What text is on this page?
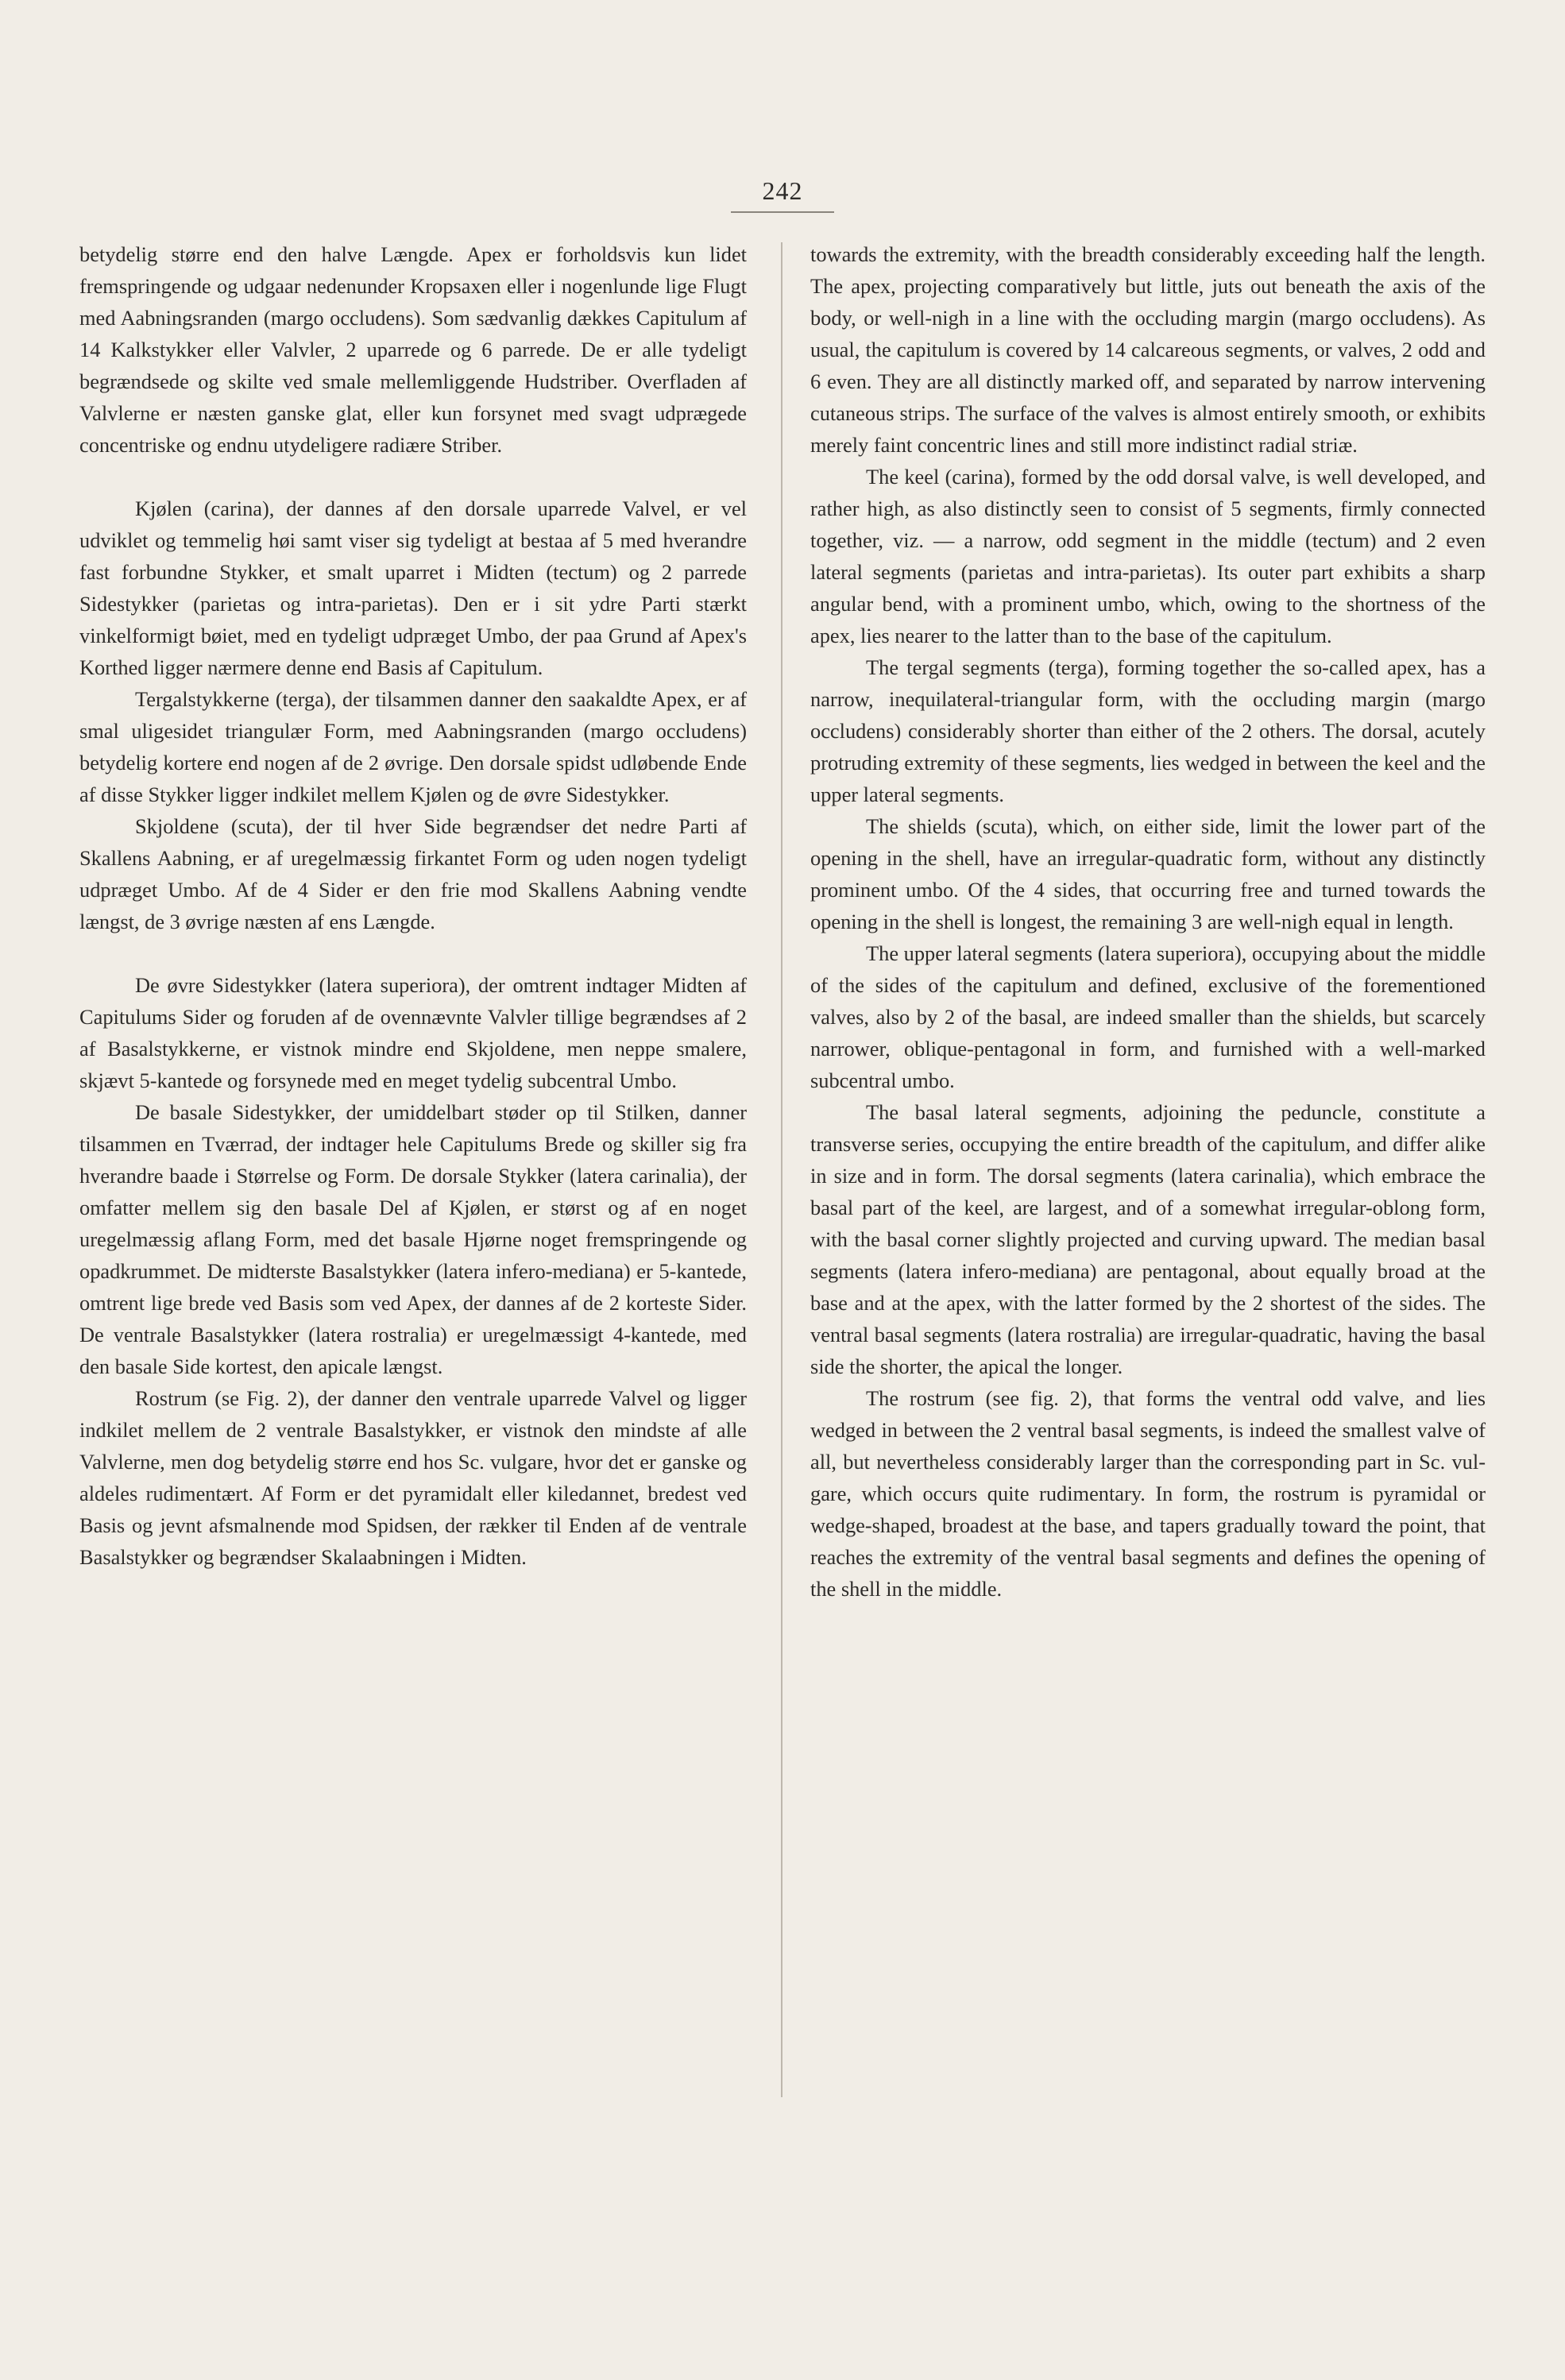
242

betydelig større end den halve Længde. Apex er forholdsvis kun lidet fremspringende og udgaar nedenunder Kropsaxen eller i nogenlunde lige Flugt med Aabningsranden (margo occludens). Som sædvanlig dækkes Capitulum af 14 Kalkstykker eller Valvler, 2 uparrede og 6 parrede. De er alle tydeligt begrændsede og skilte ved smale mellemliggende Hudstriber. Overfladen af Valvlerne er næsten ganske glat, eller kun forsynet med svagt udprægede concentriske og endnu utydeligere radiære Striber.

Kjølen (carina), der dannes af den dorsale uparrede Valvel, er vel udviklet og temmelig høi samt viser sig tydeligt at bestaa af 5 med hverandre fast forbundne Stykker, et smalt uparret i Midten (tectum) og 2 parrede Sidestykker (parietas og intra-parietas). Den er i sit ydre Parti stærkt vinkelformigt bøiet, med en tydeligt udpræget Umbo, der paa Grund af Apex's Korthed ligger nærmere denne end Basis af Capitulum.

Tergalstykkerne (terga), der tilsammen danner den saakaldte Apex, er af smal uligesidet triangulær Form, med Aabningsranden (margo occludens) betydelig kortere end nogen af de 2 øvrige. Den dorsale spidst udløbende Ende af disse Stykker ligger indkilet mellem Kjølen og de øvre Sidestykker.

Skjoldene (scuta), der til hver Side begrændser det nedre Parti af Skallens Aabning, er af uregelmæssig firkantet Form og uden nogen tydeligt udpræget Umbo. Af de 4 Sider er den frie mod Skallens Aabning vendte længst, de 3 øvrige næsten af ens Længde.

De øvre Sidestykker (latera superiora), der omtrent indtager Midten af Capitulums Sider og foruden af de ovennævnte Valvler tillige begrændses af 2 af Basalstykkerne, er vistnok mindre end Skjoldene, men neppe smalere, skjævt 5-kantede og forsynede med en meget tydelig subcentral Umbo.

De basale Sidestykker, der umiddelbart støder op til Stilken, danner tilsammen en Tværrad, der indtager hele Capitulums Brede og skiller sig fra hverandre baade i Størrelse og Form. De dorsale Stykker (latera carinalia), der omfatter mellem sig den basale Del af Kjølen, er størst og af en noget uregelmæssig aflang Form, med det basale Hjørne noget fremspringende og opadkrummet. De midterste Basalstykker (latera infero-mediana) er 5-kantede, omtrent lige brede ved Basis som ved Apex, der dannes af de 2 korteste Sider. De ventrale Basalstykker (latera rostralia) er uregelmæssigt 4-kantede, med den basale Side kortest, den apicale længst.

Rostrum (se Fig. 2), der danner den ventrale uparrede Valvel og ligger indkilet mellem de 2 ventrale Basalstykker, er vistnok den mindste af alle Valvlerne, men dog betydelig større end hos Sc. vulgare, hvor det er ganske og aldeles rudimentært. Af Form er det pyramidalt eller kiledannet, bredest ved Basis og jevnt afsmalnende mod Spidsen, der rækker til Enden af de ventrale Basalstykker og begrændser Skalaabningen i Midten.

towards the extremity, with the breadth considerably exceeding half the length. The apex, projecting comparatively but little, juts out beneath the axis of the body, or well-nigh in a line with the occluding margin (margo occludens). As usual, the capitulum is covered by 14 calcareous segments, or valves, 2 odd and 6 even. They are all distinctly marked off, and separated by narrow intervening cutaneous strips. The surface of the valves is almost entirely smooth, or exhibits merely faint concentric lines and still more indistinct radial striæ.

The keel (carina), formed by the odd dorsal valve, is well developed, and rather high, as also distinctly seen to consist of 5 segments, firmly connected together, viz. — a narrow, odd segment in the middle (tectum) and 2 even lateral segments (parietas and intra-parietas). Its outer part exhibits a sharp angular bend, with a prominent umbo, which, owing to the shortness of the apex, lies nearer to the latter than to the base of the capitulum.

The tergal segments (terga), forming together the so-called apex, has a narrow, inequilateral-triangular form, with the occluding margin (margo occludens) considerably shorter than either of the 2 others. The dorsal, acutely protruding extremity of these segments, lies wedged in between the keel and the upper lateral segments.

The shields (scuta), which, on either side, limit the lower part of the opening in the shell, have an irregular-quadratic form, without any distinctly prominent umbo. Of the 4 sides, that occurring free and turned towards the opening in the shell is longest, the remaining 3 are well-nigh equal in length.

The upper lateral segments (latera superiora), occupying about the middle of the sides of the capitulum and defined, exclusive of the forementioned valves, also by 2 of the basal, are indeed smaller than the shields, but scarcely narrower, oblique-pentagonal in form, and furnished with a well-marked subcentral umbo.

The basal lateral segments, adjoining the peduncle, constitute a transverse series, occupying the entire breadth of the capitulum, and differ alike in size and in form. The dorsal segments (latera carinalia), which embrace the basal part of the keel, are largest, and of a somewhat irregular-oblong form, with the basal corner slightly projected and curving upward. The median basal segments (latera infero-mediana) are pentagonal, about equally broad at the base and at the apex, with the latter formed by the 2 shortest of the sides. The ventral basal segments (latera rostralia) are irregular-quadratic, having the basal side the shorter, the apical the longer.

The rostrum (see fig. 2), that forms the ventral odd valve, and lies wedged in between the 2 ventral basal segments, is indeed the smallest valve of all, but nevertheless considerably larger than the corresponding part in Sc. vulgare, which occurs quite rudimentary. In form, the rostrum is pyramidal or wedge-shaped, broadest at the base, and tapers gradually toward the point, that reaches the extremity of the ventral basal segments and defines the opening of the shell in the middle.
